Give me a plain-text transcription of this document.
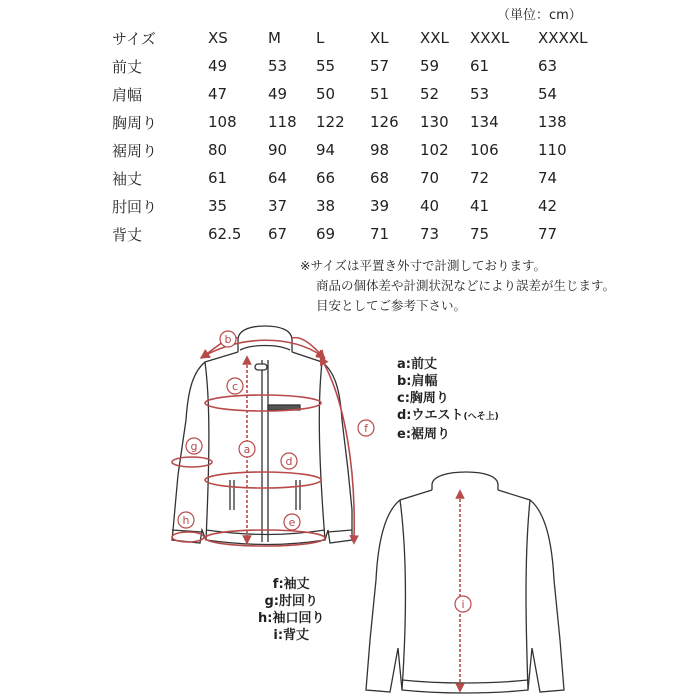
（単位：cm）
サイズ	XS	M	L	XL	XXL	XXXL	XXXXL
前丈	49	53	55	57	59	61	63
肩幅	47	49	50	51	52	53	54
胸周り	108	118	122	126	130	134	138
裾周り	80	90	94	98	102	106	110
袖丈	61	64	66	68	70	72	74
肘回り	35	37	38	39	40	41	42
背丈	62.5	67	69	71	73	75	77
※サイズは平置き外寸で計測しております。
商品の個体差や計測状況などにより誤差が生じます。
目安としてご参考下さい。
a
b
c
d
e
f
g
h
i
a:前丈
b:肩幅
c:胸周り
d:ウエスト(へそ上)
e:裾周り
f:袖丈
g:肘回り
h:袖口回り
i:背丈
